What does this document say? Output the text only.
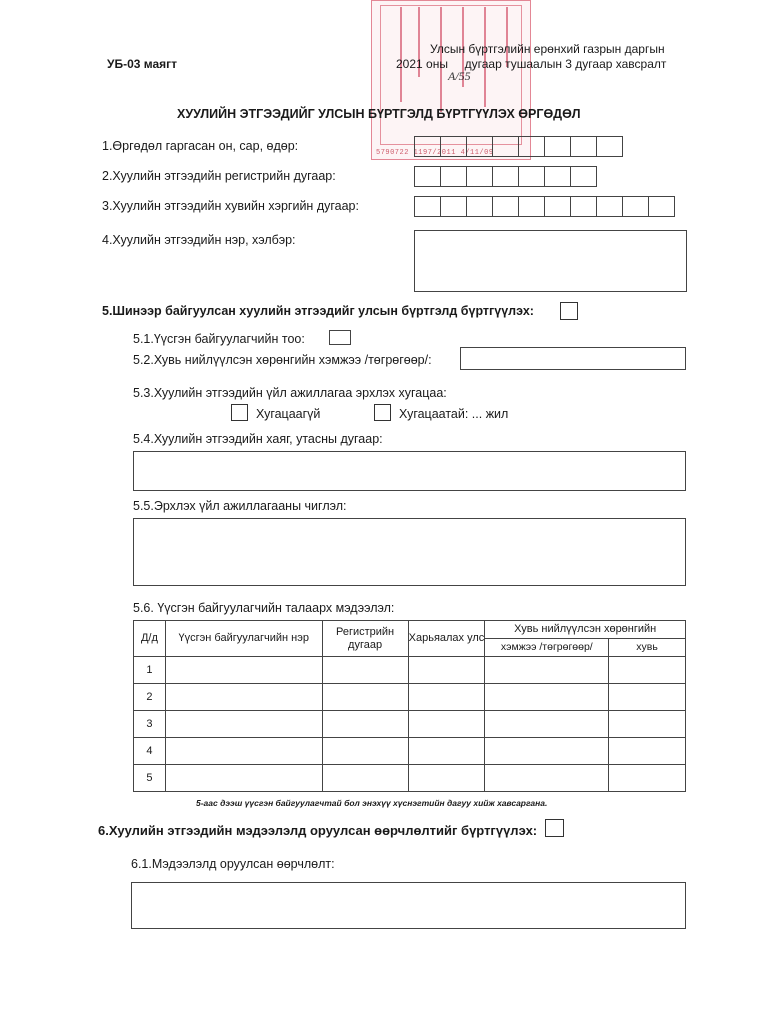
5790722 1197/2011 4/11/09
УБ-03 маягт
Улсын бүртгэлийн ерөнхий газрын даргын
2021 оны     дугаар тушаалын 3 дугаар хавсралт
A/55
ХУУЛИЙН ЭТГЭЭДИЙГ УЛСЫН БҮРТГЭЛД БҮРТГҮҮЛЭХ ӨРГӨДӨЛ
1.Өргөдөл гаргасан он, сар, өдөр:
2.Хуулийн этгээдийн регистрийн дугаар:
3.Хуулийн этгээдийн хувийн хэргийн дугаар:
4.Хуулийн этгээдийн нэр, хэлбэр:
5.Шинээр байгуулсан хуулийн этгээдийг улсын бүртгэлд бүртгүүлэх:
5.1.Үүсгэн байгуулагчийн тоо:
5.2.Хувь нийлүүлсэн хөрөнгийн хэмжээ /төгрөгөөр/:
5.3.Хуулийн этгээдийн үйл ажиллагаа эрхлэх хугацаа:
Хугацаагүй	Хугацаатай: ... жил
5.4.Хуулийн этгээдийн хаяг, утасны дугаар:
5.5.Эрхлэх үйл ажиллагааны чиглэл:
5.6. Үүсгэн байгуулагчийн талаарх мэдээлэл:
Д/д	Үүсгэн байгуулагчийн нэр	Регистрийн дугаар	Харьяалах улс	Хувь нийлүүлсэн хөрөнгийн	
				хэмжээ /төгрөгөөр/	хувь
1					
2					
3					
4					
5					
5-аас дээш үүсгэн байгуулагчтай бол энэхүү хүснэгтийн дагуу хийж хавсаргана.
6.Хуулийн этгээдийн мэдээлэлд оруулсан өөрчлөлтийг бүртгүүлэх:
6.1.Мэдээлэлд оруулсан өөрчлөлт:
